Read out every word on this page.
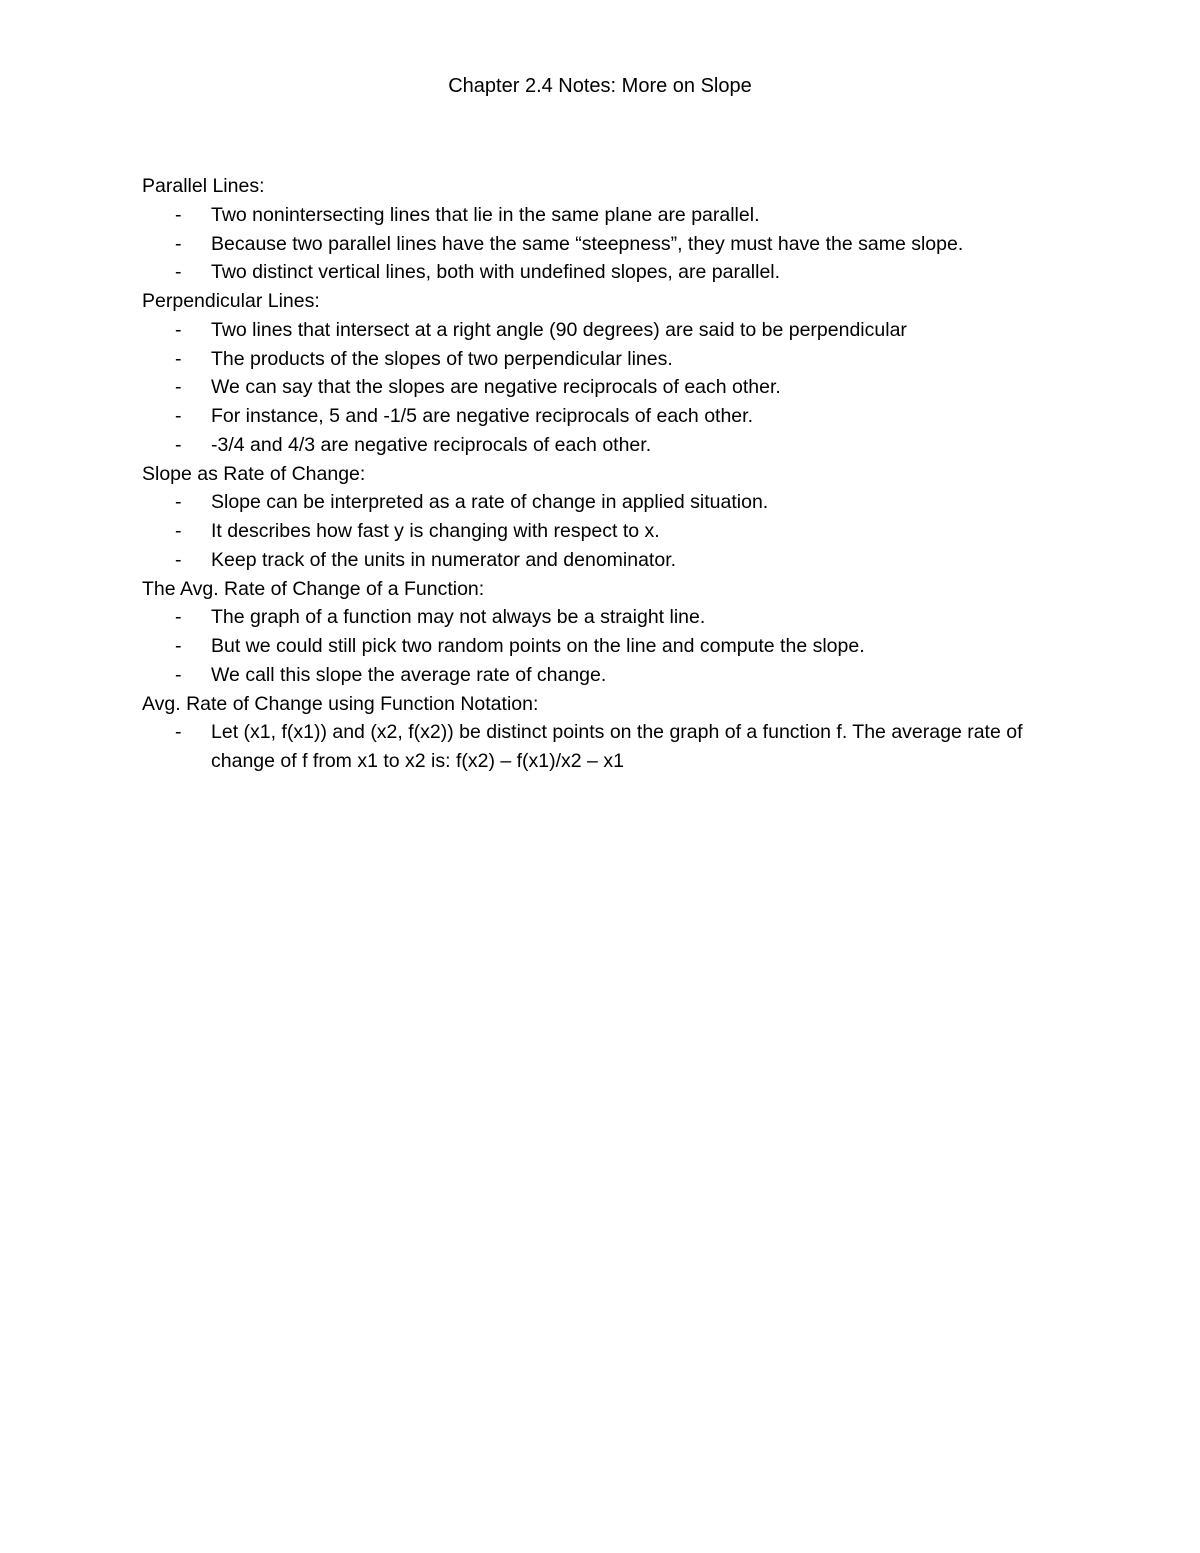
Chapter 2.4 Notes: More on Slope

Parallel Lines:

- Two nonintersecting lines that lie in the same plane are parallel.
- Because two parallel lines have the same “steepness”, they must have the same slope.
- Two distinct vertical lines, both with undefined slopes, are parallel.

Perpendicular Lines:

- Two lines that intersect at a right angle (90 degrees) are said to be perpendicular
- The products of the slopes of two perpendicular lines.
- We can say that the slopes are negative reciprocals of each other.
- For instance, 5 and -1/5 are negative reciprocals of each other.
- -3/4 and 4/3 are negative reciprocals of each other.

Slope as Rate of Change:

- Slope can be interpreted as a rate of change in applied situation.
- It describes how fast y is changing with respect to x.
- Keep track of the units in numerator and denominator.

The Avg. Rate of Change of a Function:

- The graph of a function may not always be a straight line.
- But we could still pick two random points on the line and compute the slope.
- We call this slope the average rate of change.

Avg. Rate of Change using Function Notation:

- Let (x1, f(x1)) and (x2, f(x2)) be distinct points on the graph of a function f. The average rate of change of f from x1 to x2 is: f(x2) – f(x1)/x2 – x1
